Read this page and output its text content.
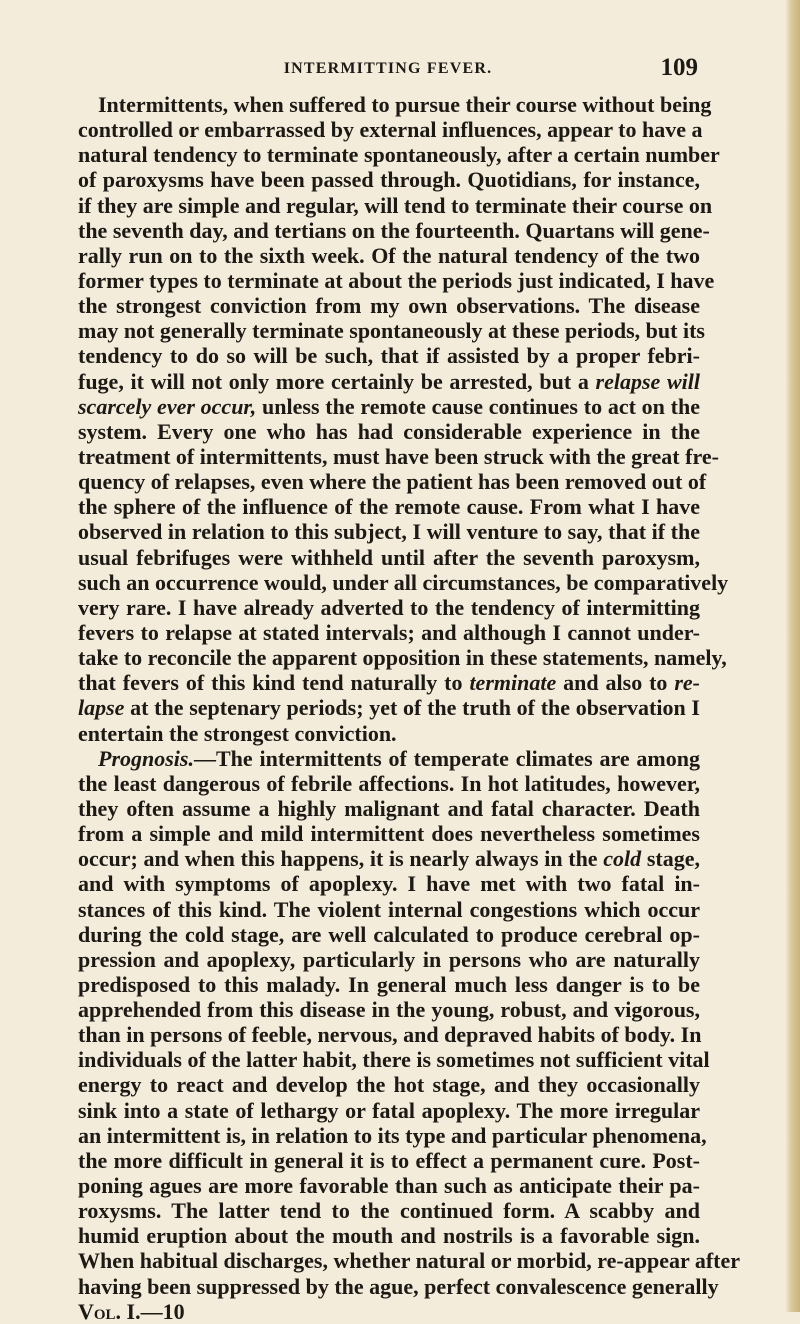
INTERMITTING FEVER.	109
Intermittents, when suffered to pursue their course without being
controlled or embarrassed by external influences, appear to have a
natural tendency to terminate spontaneously, after a certain number
of paroxysms have been passed through. Quotidians, for instance,
if they are simple and regular, will tend to terminate their course on
the seventh day, and tertians on the fourteenth. Quartans will gene-
rally run on to the sixth week. Of the natural tendency of the two
former types to terminate at about the periods just indicated, I have
the strongest conviction from my own observations. The disease
may not generally terminate spontaneously at these periods, but its
tendency to do so will be such, that if assisted by a proper febri-
fuge, it will not only more certainly be arrested, but a relapse will
scarcely ever occur, unless the remote cause continues to act on the
system. Every one who has had considerable experience in the
treatment of intermittents, must have been struck with the great fre-
quency of relapses, even where the patient has been removed out of
the sphere of the influence of the remote cause. From what I have
observed in relation to this subject, I will venture to say, that if the
usual febrifuges were withheld until after the seventh paroxysm,
such an occurrence would, under all circumstances, be comparatively
very rare. I have already adverted to the tendency of intermitting
fevers to relapse at stated intervals; and although I cannot under-
take to reconcile the apparent opposition in these statements, namely,
that fevers of this kind tend naturally to terminate and also to re-
lapse at the septenary periods; yet of the truth of the observation I
entertain the strongest conviction.
Prognosis.—The intermittents of temperate climates are among
the least dangerous of febrile affections. In hot latitudes, however,
they often assume a highly malignant and fatal character. Death
from a simple and mild intermittent does nevertheless sometimes
occur; and when this happens, it is nearly always in the cold stage,
and with symptoms of apoplexy. I have met with two fatal in-
stances of this kind. The violent internal congestions which occur
during the cold stage, are well calculated to produce cerebral op-
pression and apoplexy, particularly in persons who are naturally
predisposed to this malady. In general much less danger is to be
apprehended from this disease in the young, robust, and vigorous,
than in persons of feeble, nervous, and depraved habits of body. In
individuals of the latter habit, there is sometimes not sufficient vital
energy to react and develop the hot stage, and they occasionally
sink into a state of lethargy or fatal apoplexy. The more irregular
an intermittent is, in relation to its type and particular phenomena,
the more difficult in general it is to effect a permanent cure. Post-
poning agues are more favorable than such as anticipate their pa-
roxysms. The latter tend to the continued form. A scabby and
humid eruption about the mouth and nostrils is a favorable sign.
When habitual discharges, whether natural or morbid, re-appear after
having been suppressed by the ague, perfect convalescence generally
Vol. I.—10
